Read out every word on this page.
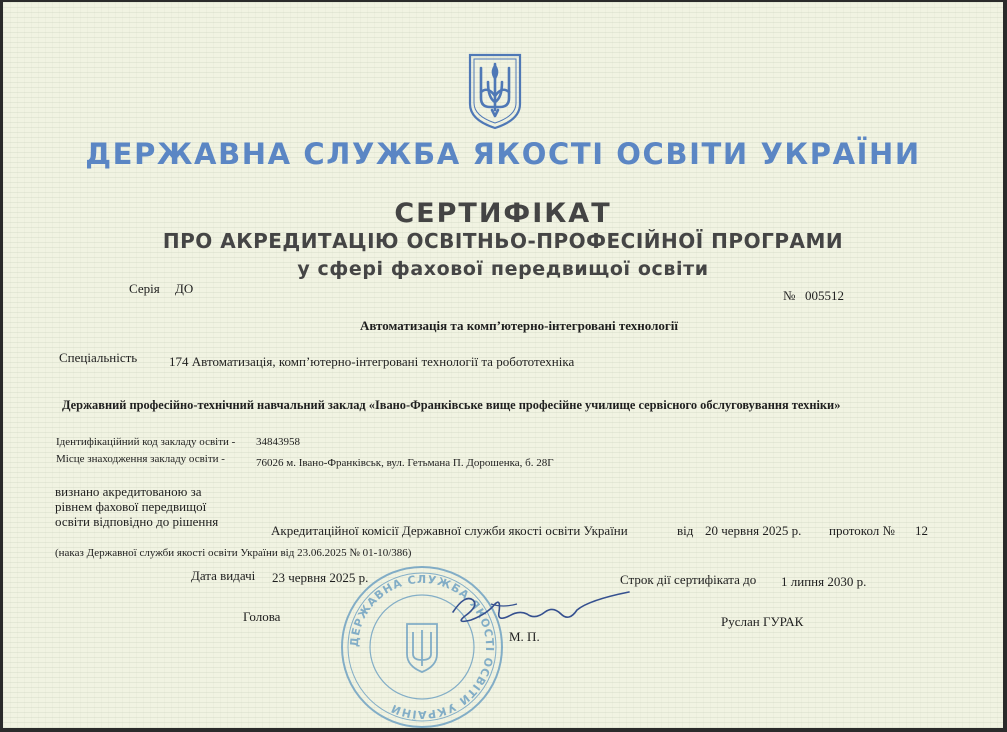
ДЕРЖАВНА СЛУЖБА ЯКОСТІ ОСВІТИ УКРАЇНИ
СЕРТИФІКАТ
ПРО АКРЕДИТАЦІЮ ОСВІТНЬО-ПРОФЕСІЙНОЇ ПРОГРАМИ
у сфері фахової передвищої освіти
Серія ДО	№ 005512
Автоматизація та комп’ютерно-інтегровані технології
Спеціальність 174 Автоматизація, комп’ютерно-інтегровані технології та робототехніка
Державний професійно-технічний навчальний заклад «Івано-Франківське вище професійне училище сервісного обслуговування техніки»
Ідентифікаційний код закладу освіти - 34843958
Місце знаходження закладу освіти -	76026 м. Івано-Франківськ, вул. Гетьмана П. Дорошенка, б. 28Г
визнано акредитованою за
рівнем фахової передвищої
освіти відповідно до рішення
Акредитаційної комісії Державної служби якості освіти України	від 20 червня 2025 р. протокол № 12
(наказ Державної служби якості освіти України від 23.06.2025 № 01-10/386)
Дата видачі 23 червня 2025 р.	Строк дії сертифіката до 1 липня 2030 р.
Голова	Руслан ГУРАК
М. П.
ДЕРЖАВНА СЛУЖБА ЯКОСТІ ОСВІТИ УКРАЇНИ
